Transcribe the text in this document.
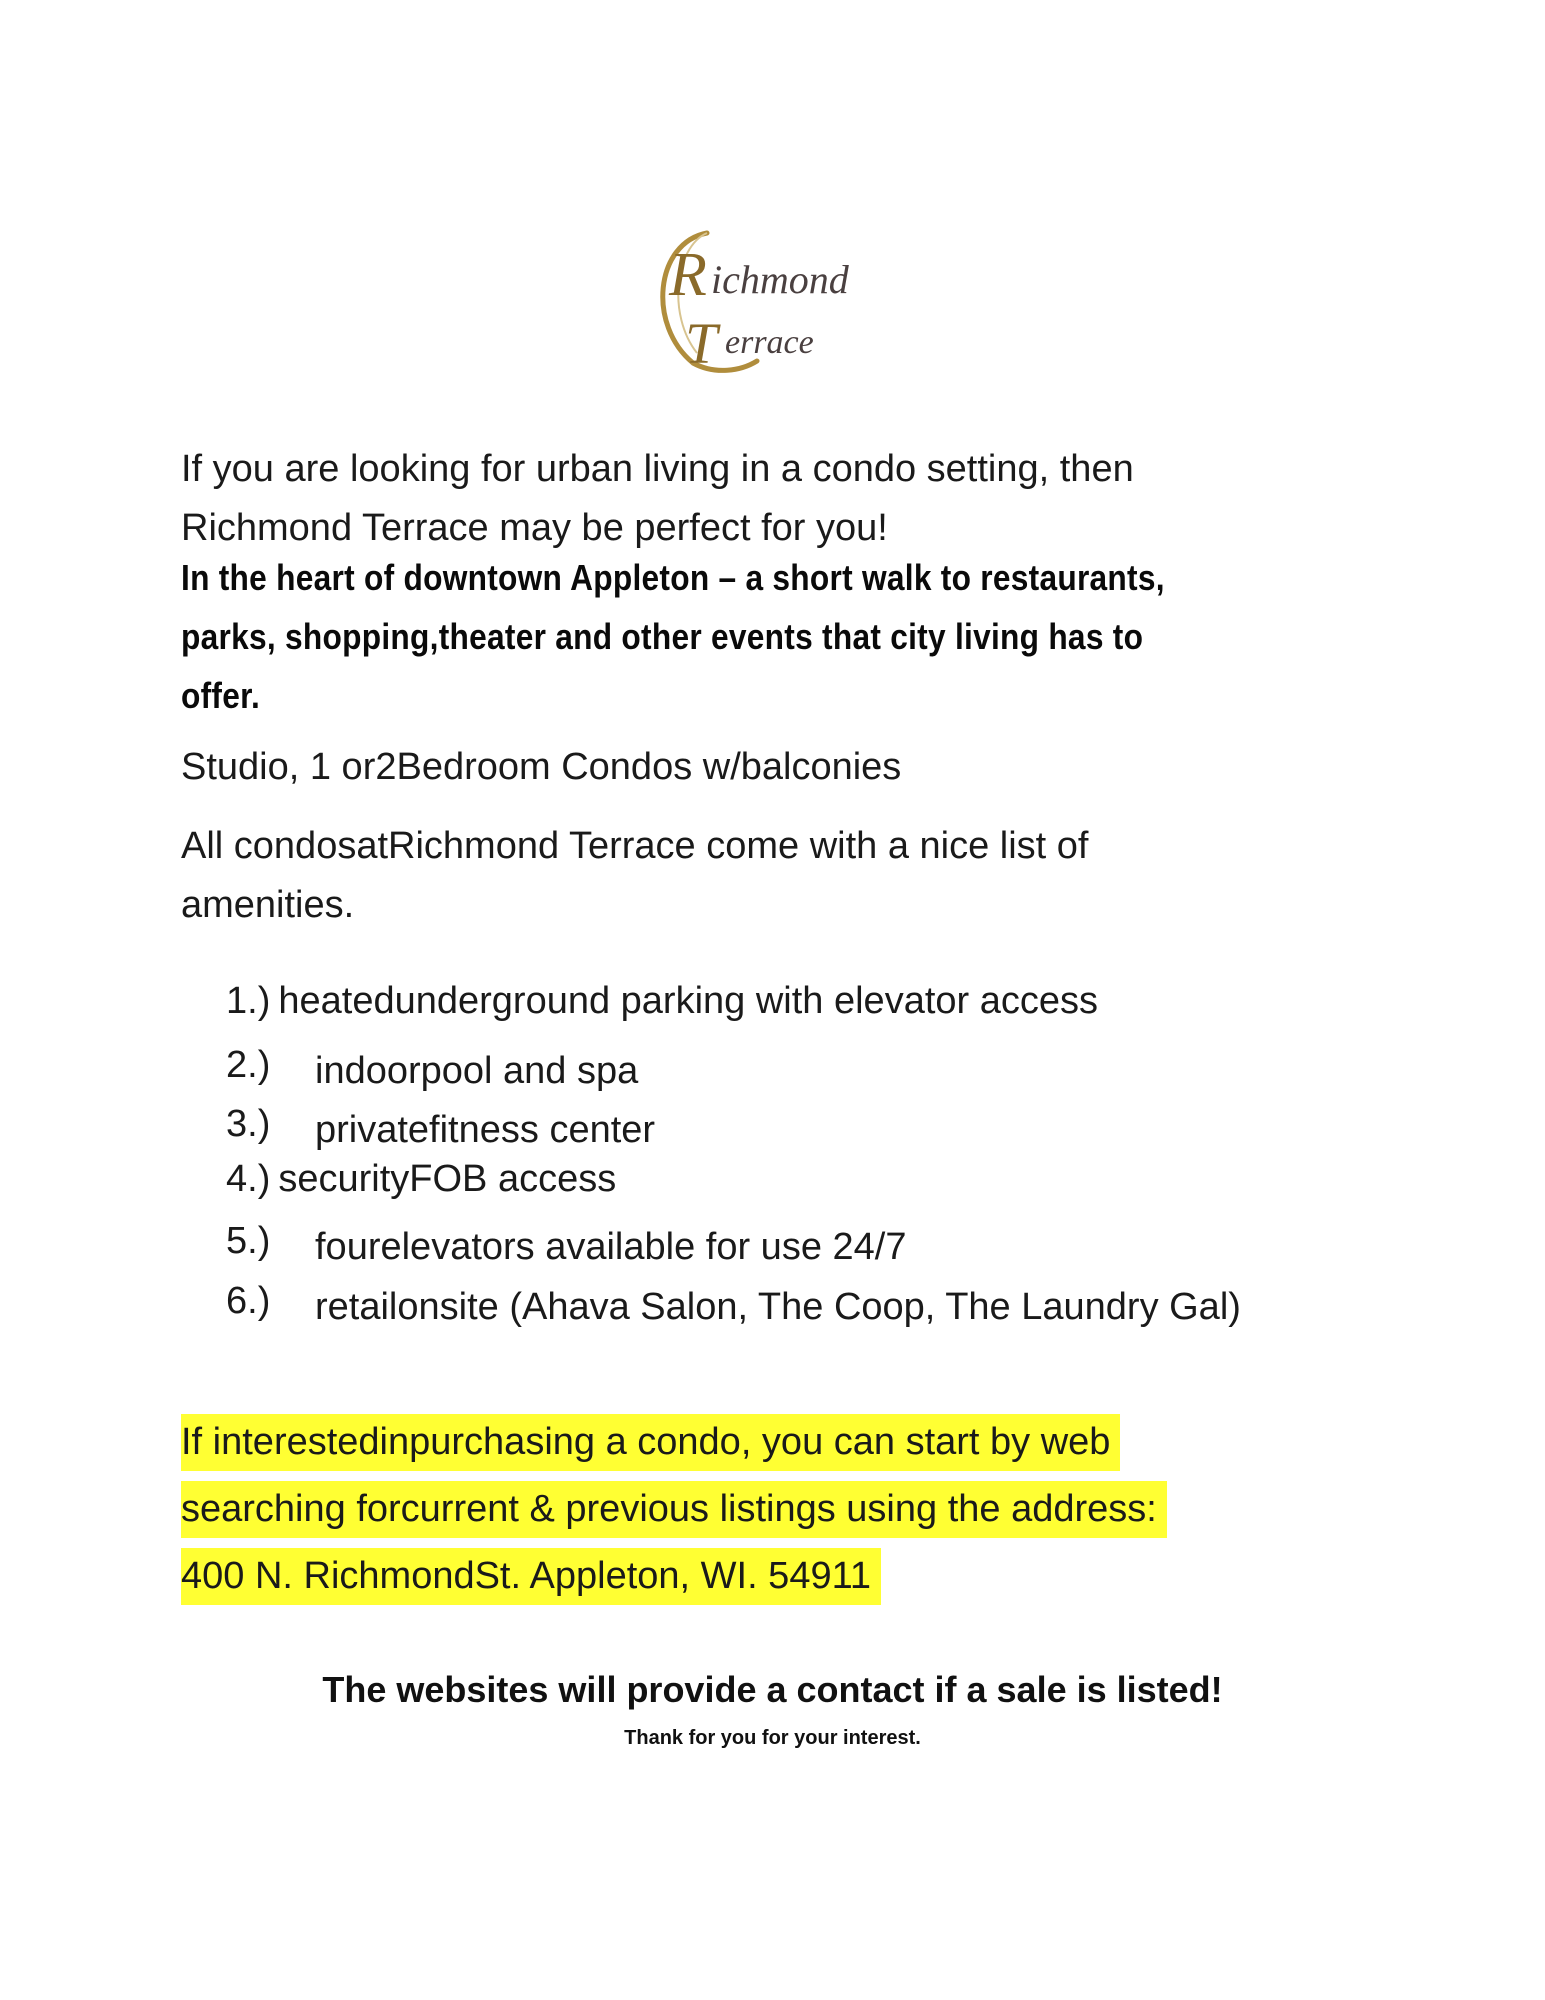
R
T
ichmond
errace

If you are looking for urban living in a condo setting, then
Richmond Terrace may be perfect for you!

In the heart of downtown Appleton – a short walk to restaurants,
parks, shopping,theater and other events that city living has to
offer.

Studio, 1 or2Bedroom Condos w/balconies

All condosatRichmond Terrace come with a nice list of
amenities.

1.) heatedunderground parking with elevator access
2.) indoorpool and spa
3.) privatefitness center
4.) securityFOB access
5.) fourelevators available for use 24/7
6.) retailonsite (Ahava Salon, The Coop, The Laundry Gal)
If interestedinpurchasing a condo, you can start by web
searching forcurrent & previous listings using the address:
400 N. RichmondSt. Appleton, WI. 54911
The websites will provide a contact if a sale is listed!
Thank for you for your interest.
